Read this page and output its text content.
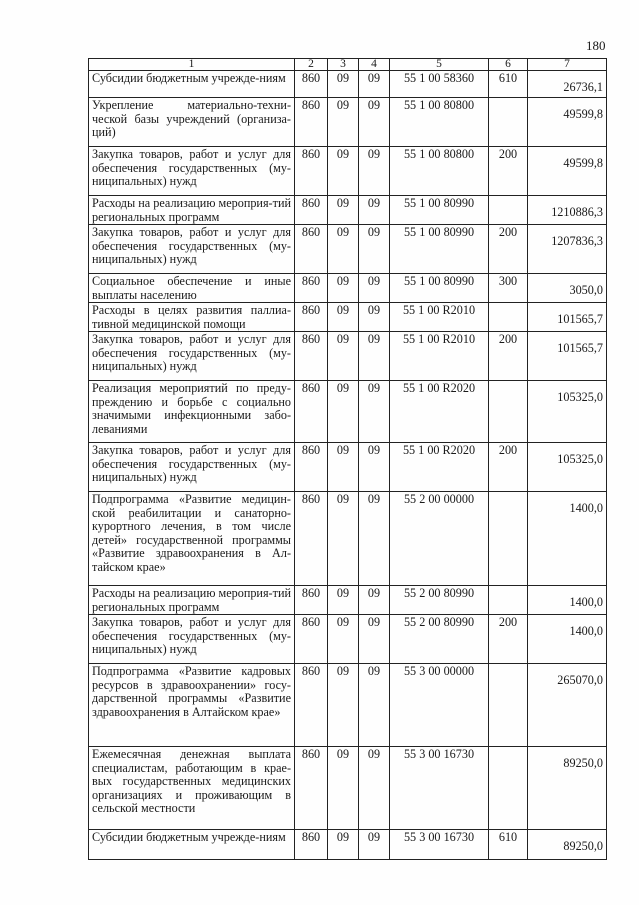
180
1	2	3	4	5	6	7
Субсидии бюджетным учрежде-ниям	860	09	09	55 1 00 58360	610	26736,1
Укрепление материально-техни-ческой базы учреждений (организа-ций)	860	09	09	55 1 00 80800		49599,8
Закупка товаров, работ и услуг для обеспечения государственных (му-ниципальных) нужд	860	09	09	55 1 00 80800	200	49599,8
Расходы на реализацию мероприя-тий региональных программ	860	09	09	55 1 00 80990		1210886,3
Закупка товаров, работ и услуг для обеспечения государственных (му-ниципальных) нужд	860	09	09	55 1 00 80990	200	1207836,3
Социальное обеспечение и иные выплаты населению	860	09	09	55 1 00 80990	300	3050,0
Расходы в целях развития паллиа-тивной медицинской помощи	860	09	09	55 1 00 R2010		101565,7
Закупка товаров, работ и услуг для обеспечения государственных (му-ниципальных) нужд	860	09	09	55 1 00 R2010	200	101565,7
Реализация мероприятий по преду-преждению и борьбе с социально значимыми инфекционными забо-леваниями	860	09	09	55 1 00 R2020		105325,0
Закупка товаров, работ и услуг для обеспечения государственных (му-ниципальных) нужд	860	09	09	55 1 00 R2020	200	105325,0
Подпрограмма «Развитие медицин-ской реабилитации и санаторно-курортного лечения, в том числе детей» государственной программы «Развитие здравоохранения в Ал-тайском крае»	860	09	09	55 2 00 00000		1400,0
Расходы на реализацию мероприя-тий региональных программ	860	09	09	55 2 00 80990		1400,0
Закупка товаров, работ и услуг для обеспечения государственных (му-ниципальных) нужд	860	09	09	55 2 00 80990	200	1400,0
Подпрограмма «Развитие кадровых ресурсов в здравоохранении» госу-дарственной программы «Развитие здравоохранения в Алтайском крае»	860	09	09	55 3 00 00000		265070,0
Ежемесячная денежная выплата специалистам, работающим в крае-вых государственных медицинских организациях и проживающим в сельской местности	860	09	09	55 3 00 16730		89250,0
Субсидии бюджетным учрежде-ниям	860	09	09	55 3 00 16730	610	89250,0
